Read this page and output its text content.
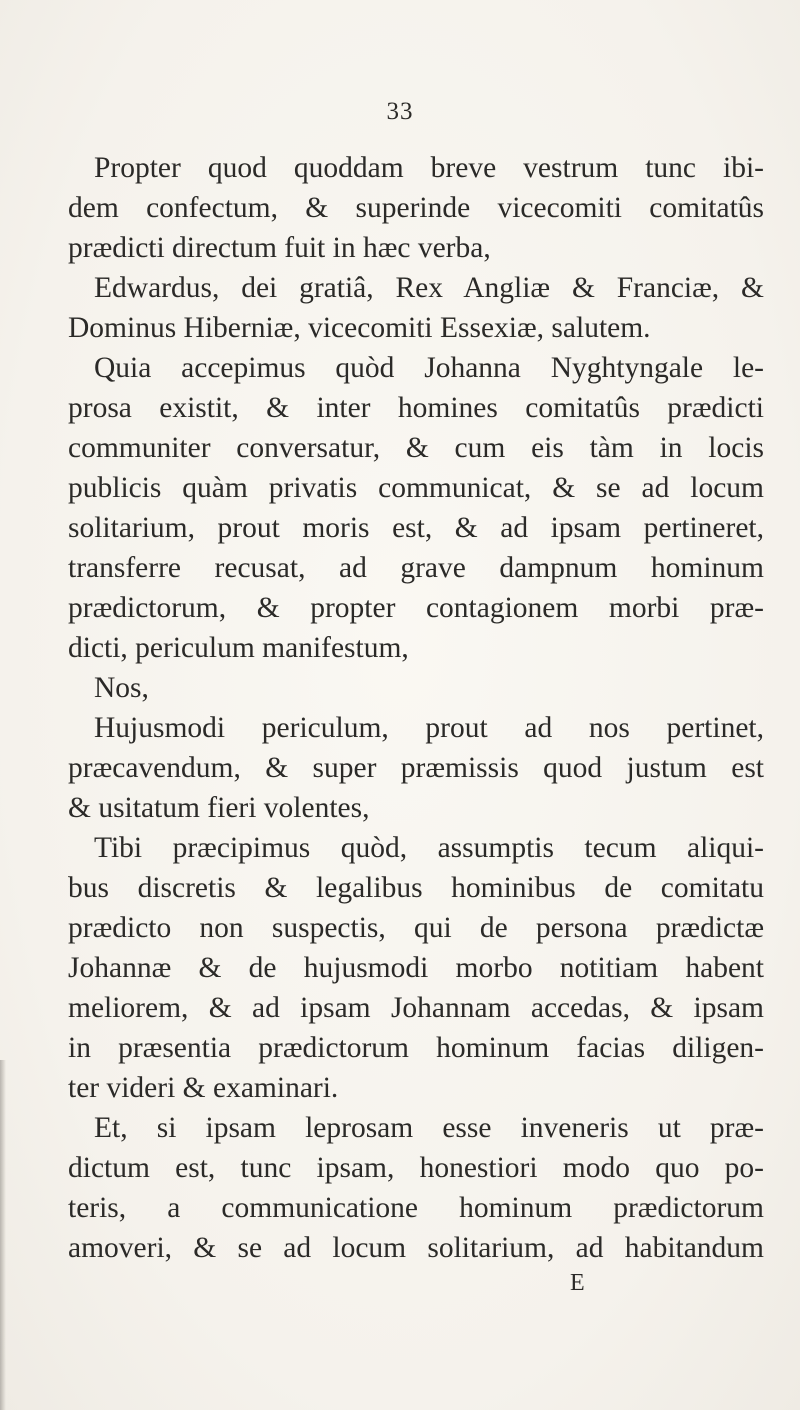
33
Propter quod quoddam breve vestrum tunc ibi-
dem confectum, & superinde vicecomiti comitatûs
prædicti directum fuit in hæc verba,
Edwardus, dei gratiâ, Rex Angliæ & Franciæ, &
Dominus Hiberniæ, vicecomiti Essexiæ, salutem.
Quia accepimus quòd Johanna Nyghtyngale le-
prosa existit, & inter homines comitatûs prædicti
communiter conversatur, & cum eis tàm in locis
publicis quàm privatis communicat, & se ad locum
solitarium, prout moris est, & ad ipsam pertineret,
transferre recusat, ad grave dampnum hominum
prædictorum, & propter contagionem morbi præ-
dicti, periculum manifestum,
Nos,
Hujusmodi periculum, prout ad nos pertinet,
præcavendum, & super præmissis quod justum est
& usitatum fieri volentes,
Tibi præcipimus quòd, assumptis tecum aliqui-
bus discretis & legalibus hominibus de comitatu
prædicto non suspectis, qui de persona prædictæ
Johannæ & de hujusmodi morbo notitiam habent
meliorem, & ad ipsam Johannam accedas, & ipsam
in præsentia prædictorum hominum facias diligen-
ter videri & examinari.
Et, si ipsam leprosam esse inveneris ut præ-
dictum est, tunc ipsam, honestiori modo quo po-
teris, a communicatione hominum prædictorum
amoveri, & se ad locum solitarium, ad habitandum
E
